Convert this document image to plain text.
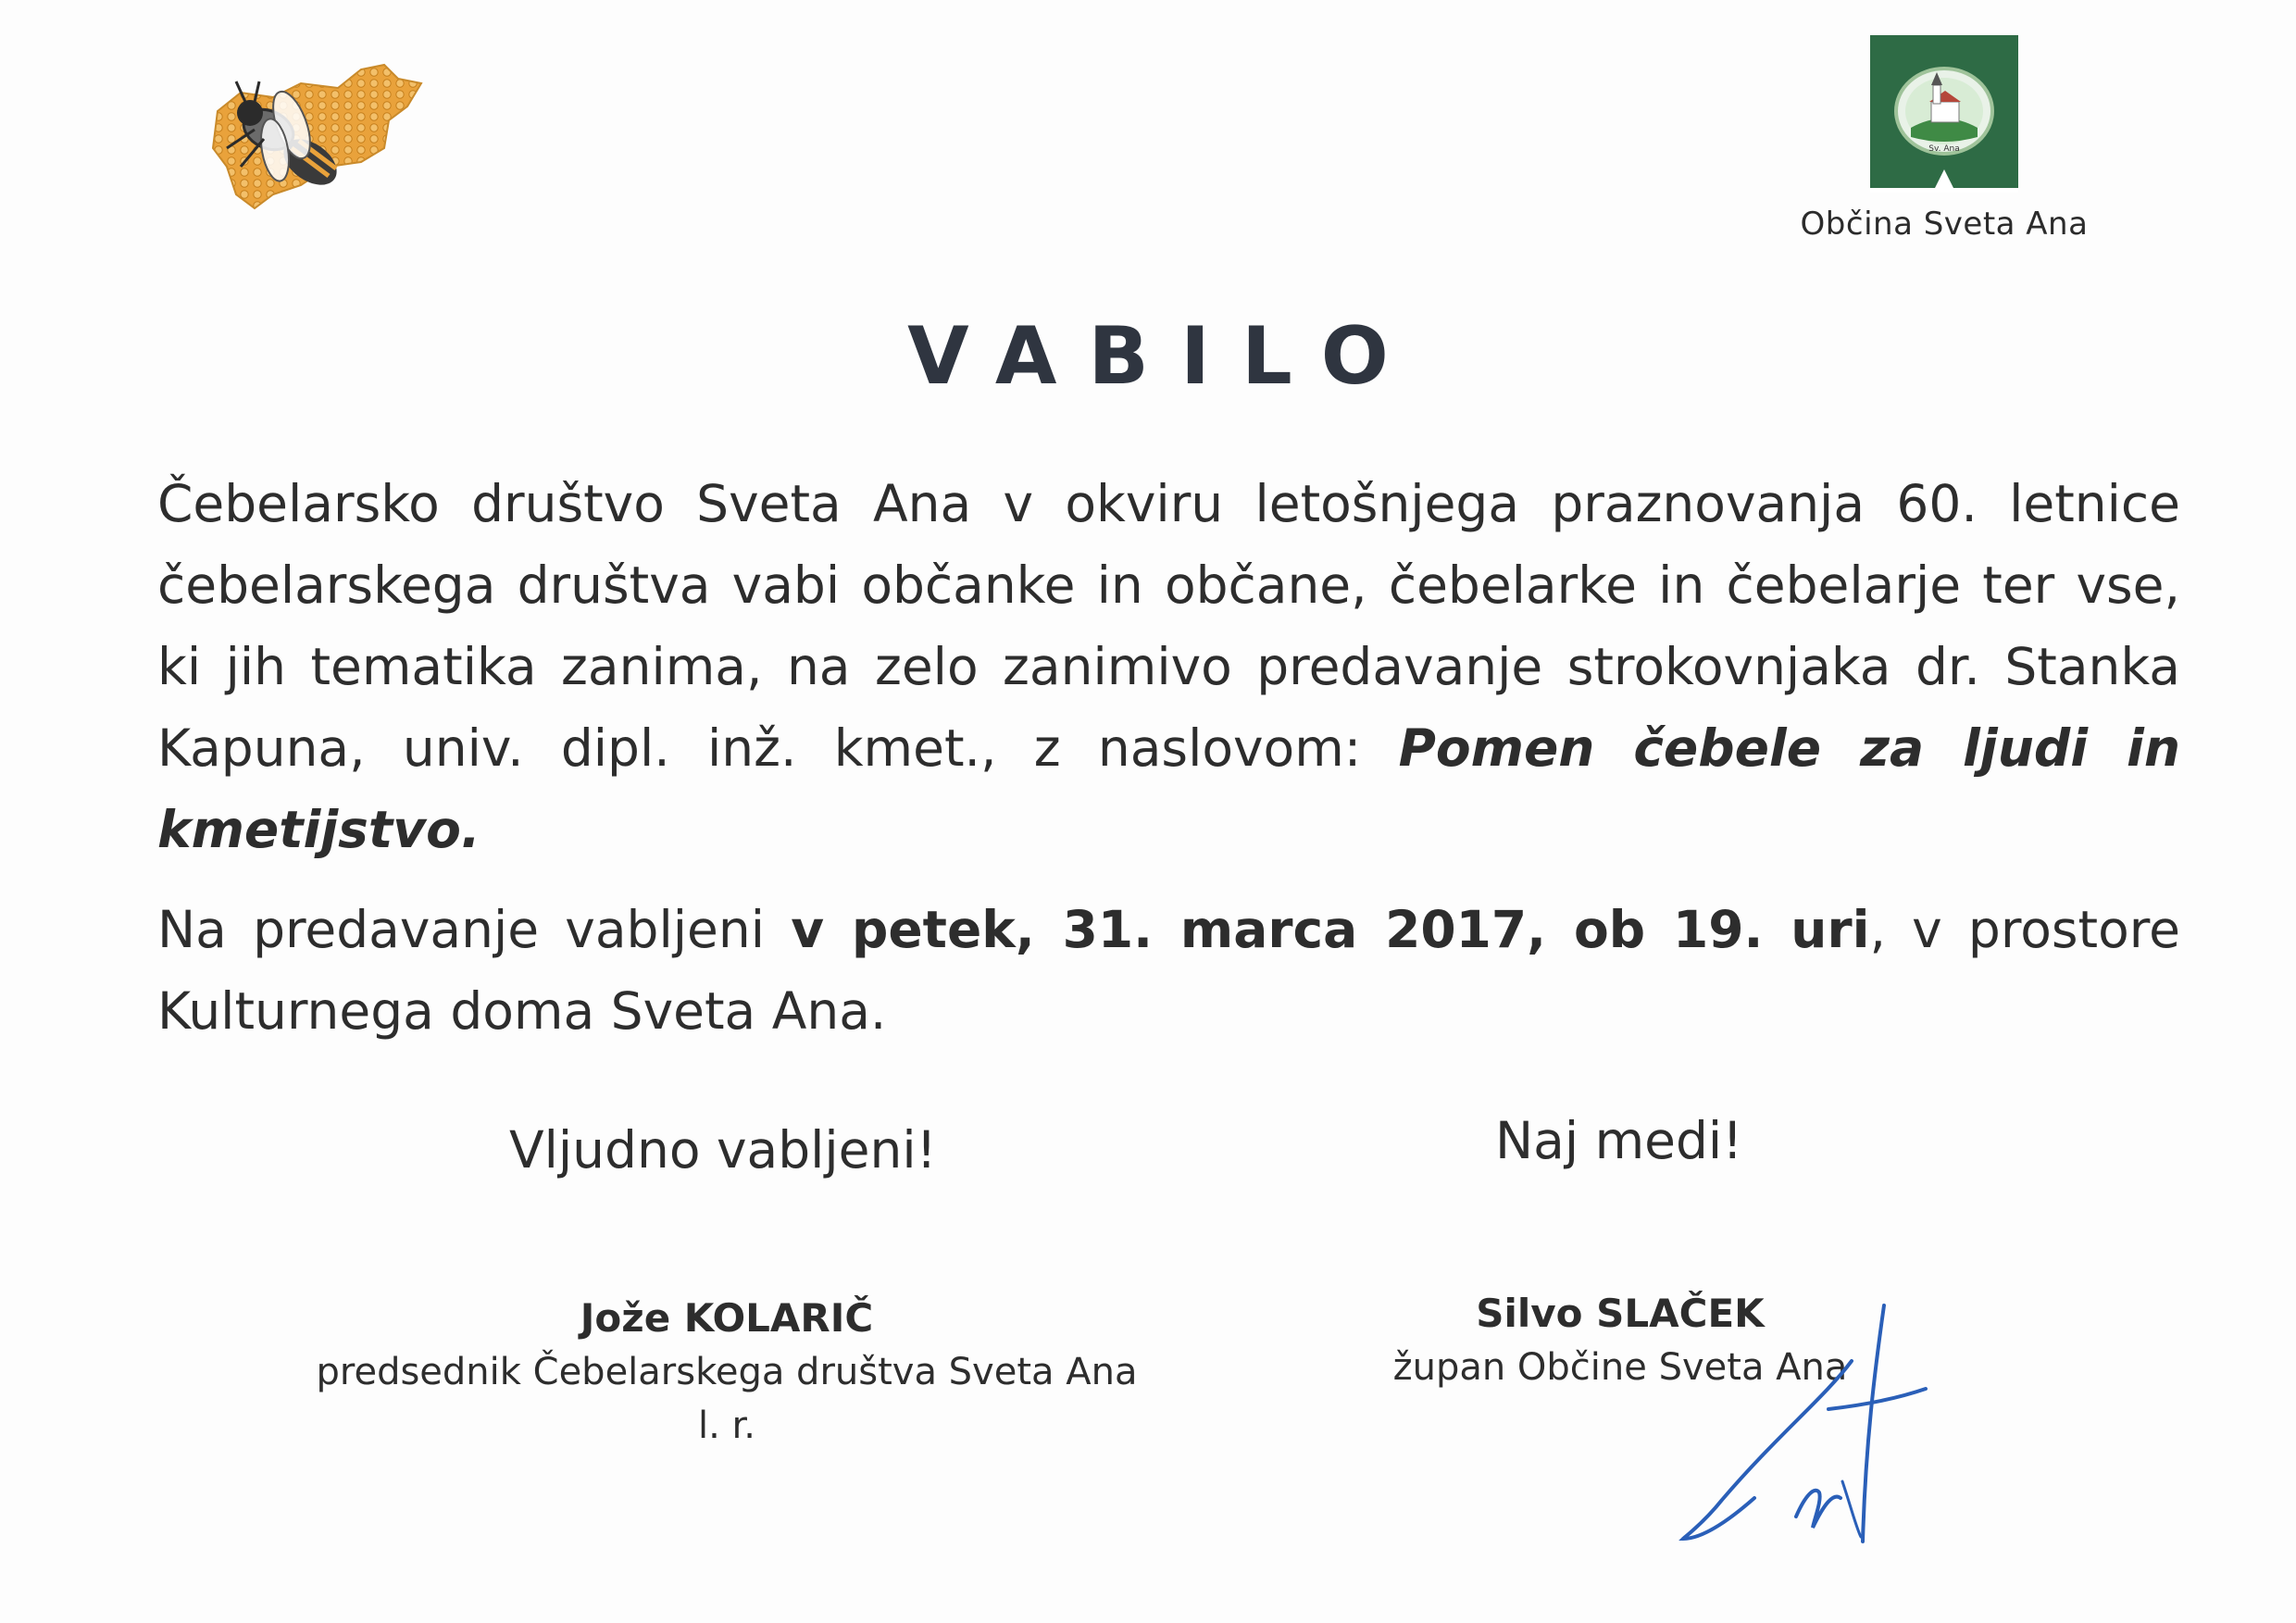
Sv. Ana
Občina Sveta Ana
VABILO
Čebelarsko društvo Sveta Ana v okviru letošnjega praznovanja 60. letnice čebelarskega društva vabi občanke in občane, čebelarke in čebelarje ter vse, ki jih tematika zanima, na zelo zanimivo predavanje strokovnjaka dr. Stanka Kapuna, univ. dipl. inž. kmet., z naslovom: Pomen čebele za ljudi in kmetijstvo.
Na predavanje vabljeni v petek, 31. marca 2017, ob 19. uri, v prostore Kulturnega doma Sveta Ana.
Vljudno vabljeni!	Naj medi!
Jože KOLARIČ
predsednik Čebelarskega društva Sveta Ana
l. r.
Silvo SLAČEK
župan Občine Sveta Ana
